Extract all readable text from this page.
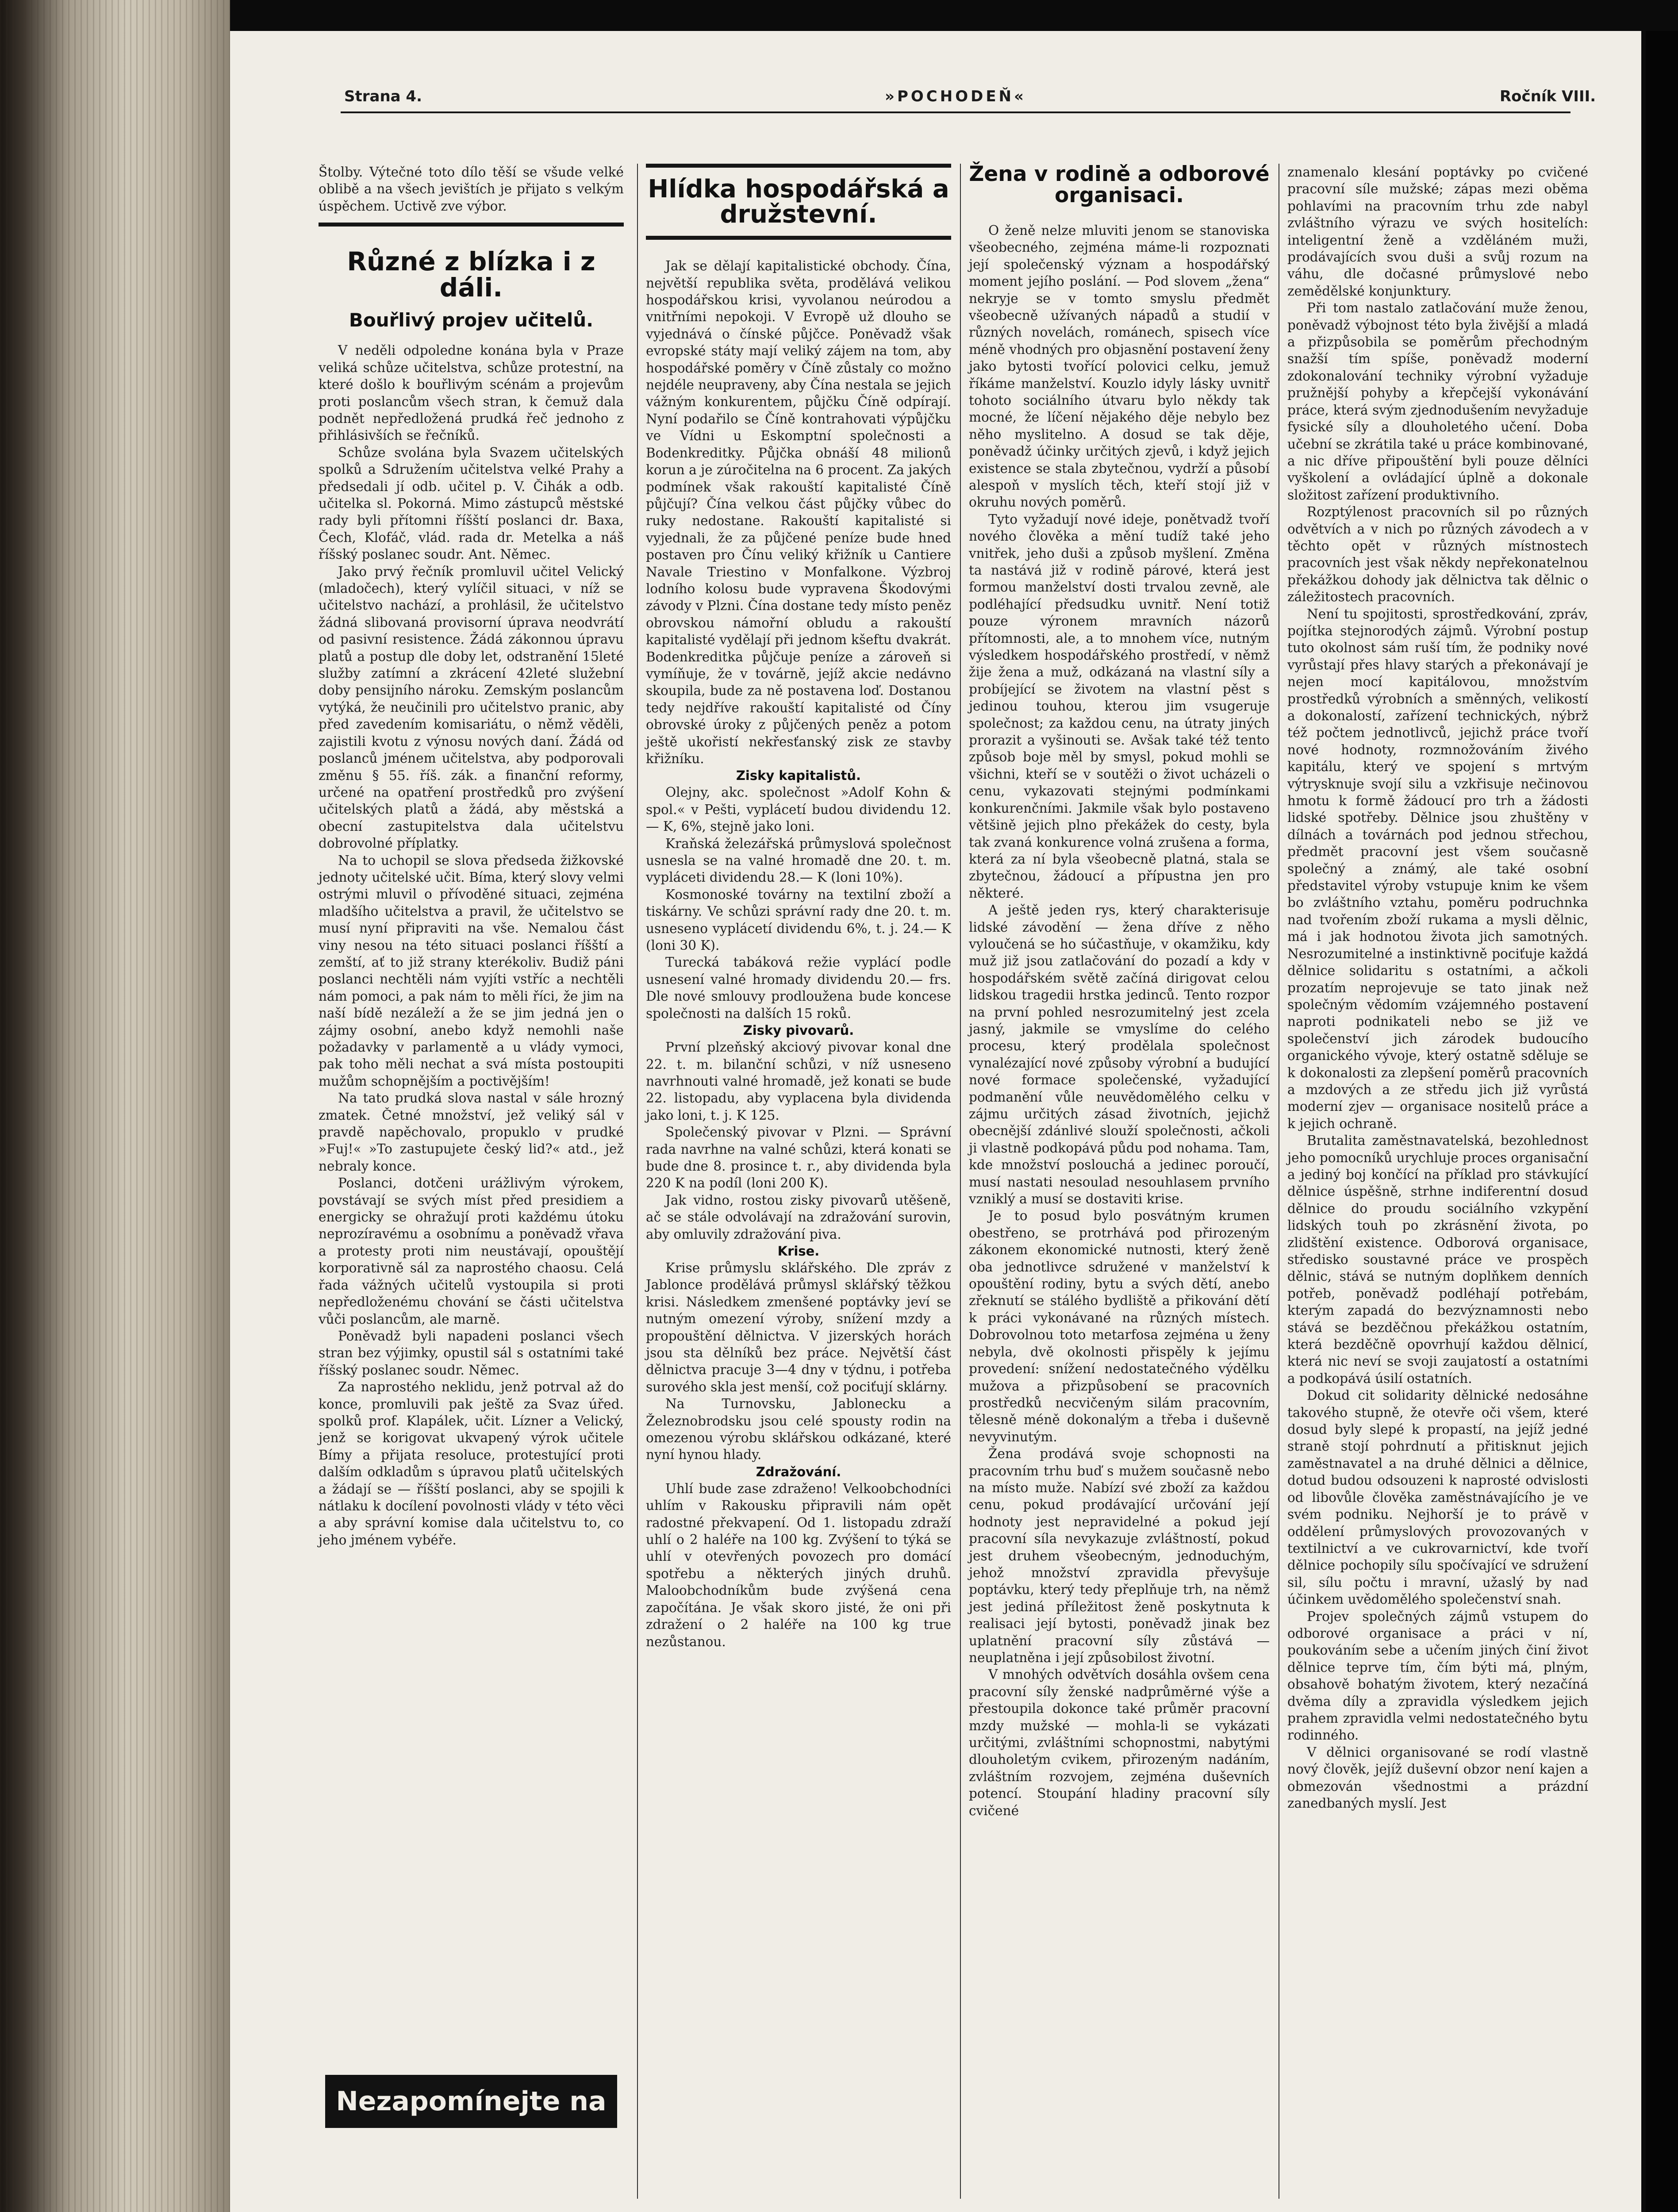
Strana 4.	»POCHODEŇ«	Ročník VIII.

Štolby. Výtečné toto dílo těší se všude velké oblibě a na všech jevištích je přijato s velkým úspěchem. Uctivě zve výbor.

Různé z blízka i z dáli.
Bouřlivý projev učitelů.

V neděli odpoledne konána byla v Praze veliká schůze učitelstva, schůze protestní, na které došlo k bouřlivým scénám a projevům proti poslancům všech stran, k čemuž dala podnět nepředložená prudká řeč jednoho z přihlásivších se řečníků.

Schůze svolána byla Svazem učitelských spolků a Sdružením učitelstva velké Prahy a předsedali jí odb. učitel p. V. Čihák a odb. učitelka sl. Pokorná. Mimo zástupců městské rady byli přítomni říšští poslanci dr. Baxa, Čech, Klofáč, vlád. rada dr. Metelka a náš říšský poslanec soudr. Ant. Němec.

Jako prvý řečník promluvil učitel Velický (mladočech), který vylíčil situaci, v níž se učitelstvo nachází, a prohlásil, že učitelstvo žádná slibovaná provisorní úprava neodvrátí od pasivní resistence. Žádá zákonnou úpravu platů a postup dle doby let, odstranění 15leté služby zatímní a zkrácení 42leté služební doby pensijního nároku. Zemským poslancům vytýká, že neučinili pro učitelstvo pranic, aby před zavedením komisariátu, o němž věděli, zajistili kvotu z výnosu nových daní. Žádá od poslanců jménem učitelstva, aby podporovali změnu § 55. říš. zák. a finanční reformy, určené na opatření prostředků pro zvýšení učitelských platů a žádá, aby městská a obecní zastupitelstva dala učitelstvu dobrovolné příplatky.

Na to uchopil se slova předseda žižkovské jednoty učitelské učit. Bíma, který slovy velmi ostrými mluvil o přívoděné situaci, zejména mladšího učitelstva a pravil, že učitelstvo se musí nyní připraviti na vše. Nemalou část viny nesou na této situaci poslanci říšští a zemští, ať to již strany kterékoliv. Budiž páni poslanci nechtěli nám vyjíti vstříc a nechtěli nám pomoci, a pak nám to měli říci, že jim na naší bídě nezáleží a že se jim jedná jen o zájmy osobní, anebo když nemohli naše požadavky v parlamentě a u vlády vymoci, pak toho měli nechat a svá místa postoupiti mužům schopnějším a poctivějším!

Na tato prudká slova nastal v sále hrozný zmatek. Četné množství, jež veliký sál v pravdě napěchovalo, propuklo v prudké »Fuj!« »To zastupujete český lid?« atd., jež nebraly konce.

Poslanci, dotčeni urážlivým výrokem, povstávají se svých míst před presidiem a energicky se ohražují proti každému útoku neprozíravému a osobnímu a poněvadž vřava a protesty proti nim neustávají, opouštějí korporativně sál za naprostého chaosu. Celá řada vážných učitelů vystoupila si proti nepředloženému chování se části učitelstva vůči poslancům, ale marně.

Poněvadž byli napadeni poslanci všech stran bez výjimky, opustil sál s ostatními také říšský poslanec soudr. Němec.

Za naprostého neklidu, jenž potrval až do konce, promluvili pak ještě za Svaz úřed. spolků prof. Klapálek, učit. Lízner a Velický, jenž se korigovat ukvapený výrok učitele Bímy a přijata resoluce, protestující proti dalším odkladům s úpravou platů učitelských a žádají se — říšští poslanci, aby se spojili k nátlaku k docílení povolnosti vlády v této věci a aby správní komise dala učitelstvu to, co jeho jménem vybéře.

Nezapomínejte na milion!
Hlídka hospodářská a družstevní.

Jak se dělají kapitalistické obchody. Čína, největší republika světa, prodělává velikou hospodářskou krisi, vyvolanou neúrodou a vnitřními nepokoji. V Evropě už dlouho se vyjednává o čínské půjčce. Poněvadž však evropské státy mají veliký zájem na tom, aby hospodářské poměry v Číně zůstaly co možno nejdéle neupraveny, aby Čína nestala se jejich vážným konkurentem, půjčku Číně odpírají. Nyní podařilo se Číně kontrahovati výpůjčku ve Vídni u Eskomptní společnosti a Bodenkreditky. Půjčka obnáší 48 milionů korun a je zúročitelna na 6 procent. Za jakých podmínek však rakouští kapitalisté Číně půjčují? Čína velkou část půjčky vůbec do ruky nedostane. Rakouští kapitalisté si vyjednali, že za půjčené peníze bude hned postaven pro Čínu veliký křižník u Cantiere Navale Triestino v Monfalkone. Výzbroj lodního kolosu bude vypravena Škodovými závody v Plzni. Čína dostane tedy místo peněz obrovskou námořní obludu a rakouští kapitalisté vydělají při jednom kšeftu dvakrát. Bodenkreditka půjčuje peníze a zároveň si vymíňuje, že v továrně, jejíž akcie nedávno skoupila, bude za ně postavena loď. Dostanou tedy nejdříve rakouští kapitalisté od Číny obrovské úroky z půjčených peněz a potom ještě ukořistí nekřesťanský zisk ze stavby křižníku.

Zisky kapitalistů.

Olejny, akc. společnost »Adolf Kohn & spol.« v Pešti, vyplácetí budou dividendu 12.— K, 6%, stejně jako loni.

Kraňská železářská průmyslová společnost usnesla se na valné hromadě dne 20. t. m. vypláceti dividendu 28.— K (loni 10%).

Kosmonoské továrny na textilní zboží a tiskárny. Ve schůzi správní rady dne 20. t. m. usneseno vyplácetí dividendu 6%, t. j. 24.— K (loni 30 K).

Turecká tabáková režie vyplácí podle usnesení valné hromady dividendu 20.— frs. Dle nové smlouvy prodloužena bude koncese společnosti na dalších 15 roků.

Zisky pivovarů.

První plzeňský akciový pivovar konal dne 22. t. m. bilanční schůzi, v níž usneseno navrhnouti valné hromadě, jež konati se bude 22. listopadu, aby vyplacena byla dividenda jako loni, t. j. K 125.

Společenský pivovar v Plzni. — Správní rada navrhne na valné schůzi, která konati se bude dne 8. prosince t. r., aby dividenda byla 220 K na podíl (loni 200 K).

Jak vidno, rostou zisky pivovarů utěšeně, ač se stále odvolávají na zdražování surovin, aby omluvily zdražování piva.

Krise.

Krise průmyslu sklářského. Dle zpráv z Jablonce prodělává průmysl sklářský těžkou krisi. Následkem zmenšené poptávky jeví se nutným omezení výroby, snížení mzdy a propouštění dělnictva. V jizerských horách jsou sta dělníků bez práce. Největší část dělnictva pracuje 3—4 dny v týdnu, i potřeba surového skla jest menší, což pociťují sklárny.

Na Turnovsku, Jablonecku a Železnobrodsku jsou celé spousty rodin na omezenou výrobu sklářskou odkázané, které nyní hynou hlady.

Zdražování.

Uhlí bude zase zdraženo! Velkoobchodníci uhlím v Rakousku připravili nám opět radostné překvapení. Od 1. listopadu zdraží uhlí o 2 haléře na 100 kg. Zvýšení to týká se uhlí v otevřených povozech pro domácí spotřebu a některých jiných druhů. Maloobchodníkům bude zvýšená cena započítána. Je však skoro jisté, že oni při zdražení o 2 haléře na 100 kg true nezůstanou.

Žena v rodině a odborové organisaci.

O ženě nelze mluviti jenom se stanoviska všeobecného, zejména máme-li rozpoznati její společenský význam a hospodářský moment jejího poslání. — Pod slovem „žena“ nekryje se v tomto smyslu předmět všeobecně užívaných nápadů a studií v různých novelách, románech, spisech více méně vhodných pro objasnění postavení ženy jako bytosti tvořící polovici celku, jemuž říkáme manželství. Kouzlo idyly lásky uvnitř tohoto sociálního útvaru bylo někdy tak mocné, že líčení nějakého děje nebylo bez něho myslitelno. A dosud se tak děje, poněvadž účinky určitých zjevů, i když jejich existence se stala zbytečnou, vydrží a působí alespoň v myslích těch, kteří stojí již v okruhu nových poměrů.

Tyto vyžadují nové ideje, ponětvadž tvoří nového člověka a mění tudíž také jeho vnitřek, jeho duši a způsob myšlení. Změna ta nastává již v rodině párové, která jest formou manželství dosti trvalou zevně, ale podléhající předsudku uvnitř. Není totiž pouze výronem mravních názorů přítomnosti, ale, a to mnohem více, nutným výsledkem hospodářského prostředí, v němž žije žena a muž, odkázaná na vlastní síly a probíjející se životem na vlastní pěst s jedinou touhou, kterou jim vsugeruje společnost; za každou cenu, na útraty jiných prorazit a vyšinouti se. Avšak také též tento způsob boje měl by smysl, pokud mohli se všichni, kteří se v soutěži o život ucházeli o cenu, vykazovati stejnými podmínkami konkurenčními. Jakmile však bylo postaveno většině jejich plno překážek do cesty, byla tak zvaná konkurence volná zrušena a forma, která za ní byla všeobecně platná, stala se zbytečnou, žádoucí a přípustna jen pro některé.

A ještě jeden rys, který charakterisuje lidské závodění — žena dříve z něho vyloučená se ho súčastňuje, v okamžiku, kdy muž již jsou zatlačování do pozadí a kdy v hospodářském světě začíná dirigovat celou lidskou tragedii hrstka jedinců. Tento rozpor na první pohled nesrozumitelný jest zcela jasný, jakmile se vmyslíme do celého procesu, který prodělala společnost vynalézající nové způsoby výrobní a budující nové formace společenské, vyžadující podmanění vůle neuvědomělého celku v zájmu určitých zásad životních, jejichž obecnější zdánlivé slouží společnosti, ačkoli ji vlastně podkopává půdu pod nohama. Tam, kde množství poslouchá a jedinec poroučí, musí nastati nesoulad nesouhlasem prvního vzniklý a musí se dostaviti krise.

Je to posud bylo posvátným krumen obestřeno, se protrhává pod přirozeným zákonem ekonomické nutnosti, který ženě oba jednotlivce sdružené v manželství k opouštění rodiny, bytu a svých dětí, anebo zřeknutí se stálého bydliště a přikování dětí k práci vykonávané na různých místech. Dobrovolnou toto metarfosa zejména u ženy nebyla, dvě okolnosti přispěly k jejímu provedení: snížení nedostatečného výdělku mužova a přizpůsobení se pracovních prostředků necvičeným silám pracovním, tělesně méně dokonalým a třeba i duševně nevyvinutým.

Žena prodává svoje schopnosti na pracovním trhu buď s mužem současně nebo na místo muže. Nabízí své zboží za každou cenu, pokud prodávající určování její hodnoty jest nepravidelné a pokud její pracovní síla nevykazuje zvláštností, pokud jest druhem všeobecným, jednoduchým, jehož množství zpravidla převyšuje poptávku, který tedy přeplňuje trh, na němž jest jediná příležitost ženě poskytnuta k realisaci její bytosti, poněvadž jinak bez uplatnění pracovní síly zůstává — neuplatněna i její způsobilost životní.

V mnohých odvětvích dosáhla ovšem cena pracovní síly ženské nadprůměrné výše a přestoupila dokonce také průměr pracovní mzdy mužské — mohla-li se vykázati určitými, zvláštními schopnostmi, nabytými dlouholetým cvikem, přirozeným nadáním, zvláštním rozvojem, zejména duševních potencí. Stoupání hladiny pracovní síly cvičené

znamenalo klesání poptávky po cvičené pracovní síle mužské; zápas mezi oběma pohlavími na pracovním trhu zde nabyl zvláštního výrazu ve svých hositelích: inteligentní ženě a vzděláném muži, prodávajících svou duši a svůj rozum na váhu, dle dočasné průmyslové nebo zemědělské konjunktury.

Při tom nastalo zatlačování muže ženou, poněvadž výbojnost této byla živější a mladá a přizpůsobila se poměrům přechodným snažší tím spíše, poněvadž moderní zdokonalování techniky výrobní vyžaduje pružnější pohyby a křepčejší vykonávání práce, která svým zjednodušením nevyžaduje fysické síly a dlouholetého učení. Doba učební se zkrátila také u práce kombinované, a nic dříve připouštění byli pouze dělníci vyškolení a ovládající úplně a dokonale složitost zařízení produktivního.

Rozptýlenost pracovních sil po různých odvětvích a v nich po různých závodech a v těchto opět v různých místnostech pracovních jest však někdy nepřekonatelnou překážkou dohody jak dělnictva tak dělnic o záležitostech pracovních.

Není tu spojitosti, sprostředkování, zpráv, pojítka stejnorodých zájmů. Výrobní postup tuto okolnost sám ruší tím, že podniky nové vyrůstají přes hlavy starých a překonávají je nejen mocí kapitálovou, množstvím prostředků výrobních a směnných, velikostí a dokonalostí, zařízení technických, nýbrž též počtem jednotlivců, jejichž práce tvoří nové hodnoty, rozmnožováním živého kapitálu, který ve spojení s mrtvým výtrysknuje svojí silu a vzkřisuje nečinovou hmotu k formě žádoucí pro trh a žádosti lidské spotřeby. Dělnice jsou zhuštěny v dílnách a továrnách pod jednou střechou, předmět pracovní jest všem současně společný a známý, ale také osobní představitel výroby vstupuje knim ke všem bo zvláštního vztahu, poměru podruchnka nad tvořením zboží rukama a mysli dělnic, má i jak hodnotou života jich samotných. Nesrozumitelné a instinktivně pociťuje každá dělnice solidaritu s ostatními, a ačkoli prozatím neprojevuje se tato jinak než společným vědomím vzájemného postavení naproti podnikateli nebo se již ve společenství jich zárodek budoucího organického vývoje, který ostatně sděluje se k dokonalosti za zlepšení poměrů pracovních a mzdových a ze středu jich již vyrůstá moderní zjev — organisace nositelů práce a k jejich ochraně.

Brutalita zaměstnavatelská, bezohlednost jeho pomocníků urychluje proces organisační a jediný boj končící na příklad pro stávkující dělnice úspěšně, strhne indiferentní dosud dělnice do proudu sociálního vzkypění lidských touh po zkrásnění života, po zlidštění existence. Odborová organisace, středisko soustavné práce ve prospěch dělnic, stává se nutným doplňkem denních potřeb, poněvadž podléhají potřebám, kterým zapadá do bezvýznamnosti nebo stává se bezděčnou překážkou ostatním, která bezděčně opovrhují každou dělnicí, která nic neví se svoji zaujatostí a ostatními a podkopává úsilí ostatních.

Dokud cit solidarity dělnické nedosáhne takového stupně, že otevře oči všem, které dosud byly slepé k propastí, na jejíž jedné straně stojí pohrdnutí a přitisknut jejich zaměstnavatel a na druhé dělnici a dělnice, dotud budou odsouzeni k naprosté odvislosti od libovůle člověka zaměstnávajícího je ve svém podniku. Nejhorší je to právě v oddělení průmyslových provozovaných v textilnictví a ve cukrovarnictví, kde tvoří dělnice pochopily sílu spočívající ve sdružení sil, sílu počtu i mravní, užaslý by nad účinkem uvědomělého společenství snah.

Projev společných zájmů vstupem do odborové organisace a práci v ní, poukováním sebe a učením jiných činí život dělnice teprve tím, čím býti má, plným, obsahově bohatým životem, který nezačíná dvěma díly a zpravidla výsledkem jejich prahem zpravidla velmi nedostatečného bytu rodinného.

V dělnici organisované se rodí vlastně nový člověk, jejíž duševní obzor není kajen a obmezován všednostmi a prázdní zanedbaných myslí. Jest
